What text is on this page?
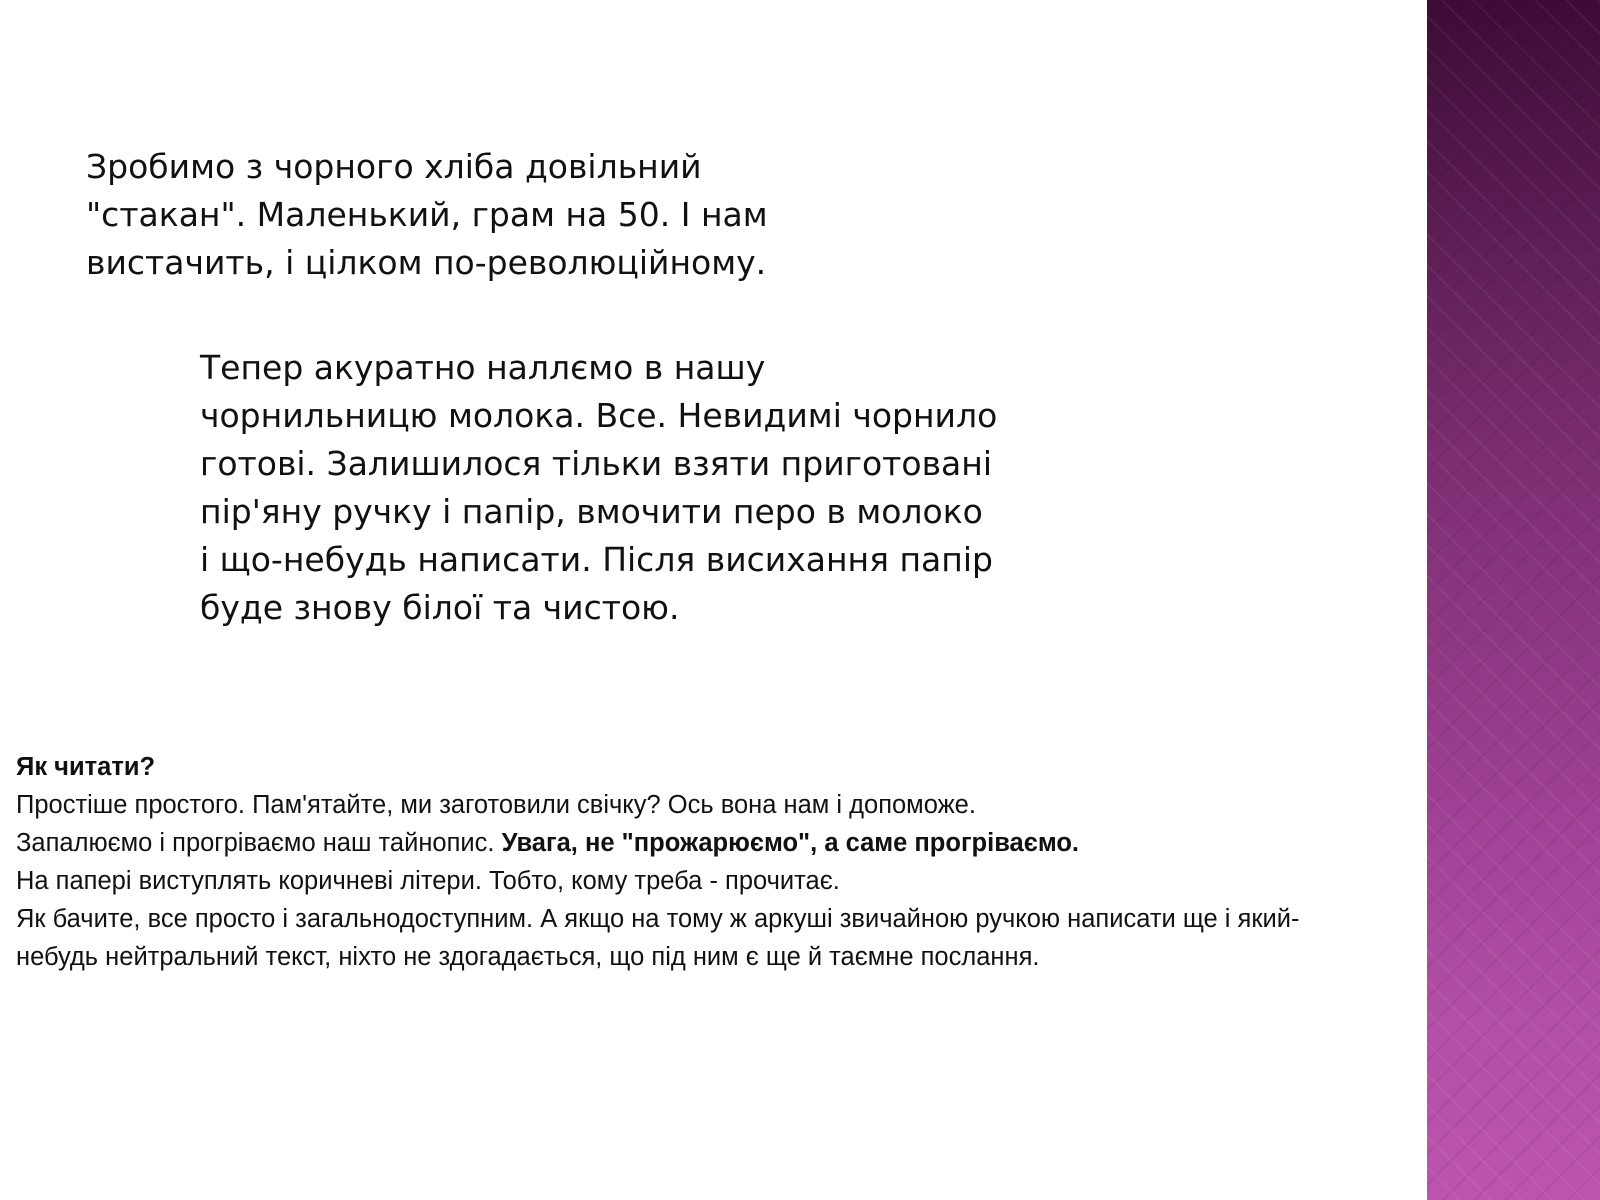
Зробимо з чорного хліба довільний "стакан". Маленький, грам на 50. І нам вистачить, і цілком по-революційному.

Тепер акуратно наллємо в нашу чорнильницю молока. Все. Невидимі чорнило готові. Залишилося тільки взяти приготовані пір'яну ручку і папір, вмочити перо в молоко і що-небудь написати. Після висихання папір буде знову білої та чистою.

Як читати?
Простіше простого. Пам'ятайте, ми заготовили свічку? Ось вона нам і допоможе.
Запалюємо і прогріваємо наш тайнопис. Увага, не "прожарюємо", а саме прогріваємо.
На папері виступлять коричневі літери. Тобто, кому треба - прочитає.
Як бачите, все просто і загальнодоступним. А якщо на тому ж аркуші звичайною ручкою написати ще і який-
небудь нейтральний текст, ніхто не здогадається, що під ним є ще й таємне послання.
